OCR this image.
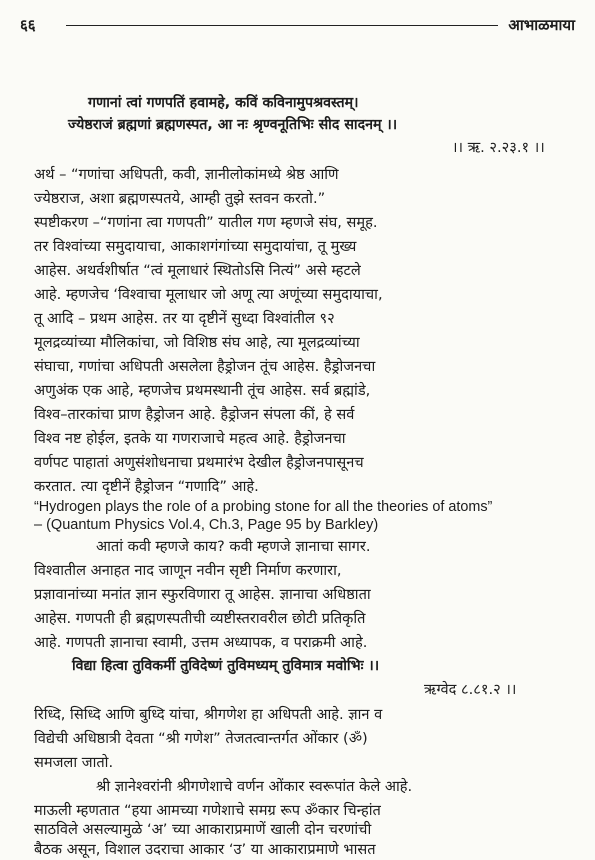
६६	आभाळमाया
गणानां त्वां गणपतिं हवामहे, कविं कविनामुपश्रवस्तम्।
ज्येष्ठराजं ब्रह्मणां ब्रह्मणस्पत, आ नः श्रृण्वनूतिभिः सीद सादनम् ।।
।। ऋ. २.२३.१ ।।
अर्थ – “गणांचा अधिपती, कवी, ज्ञानीलोकांमध्ये श्रेष्ठ आणि
ज्येष्ठराज, अशा ब्रह्मणस्पतये, आम्ही तुझे स्तवन करतो.”
स्पष्टीकरण –“गणांना त्वा गणपती” यातील गण म्हणजे संघ, समूह.
तर विश्वांच्या समुदायाचा, आकाशगंगांच्या समुदायांचा, तू मुख्य
आहेस. अथर्वशीर्षात “त्वं मूलाधारं स्थितोऽसि नित्यं” असे म्हटले
आहे. म्हणजेच ‘विश्वाचा मूलाधार जो अणू त्या अणूंच्या समुदायाचा,
तू आदि – प्रथम आहेस. तर या दृष्टीनें सुध्दा विश्वांतील ९२
मूलद्रव्यांच्या मौलिकांचा, जो विशिष्ठ संघ आहे, त्या मूलद्रव्यांच्या
संघाचा, गणांचा अधिपती असलेला हैड्रोजन तूंच आहेस. हैड्रोजनचा
अणुअंक एक आहे, म्हणजेच प्रथमस्थानी तूंच आहेस. सर्व ब्रह्मांडे,
विश्व–तारकांचा प्राण हैड्रोजन आहे. हैड्रोजन संपला कीं, हे सर्व
विश्व नष्ट होईल, इतके या गणराजाचे महत्व आहे. हैड्रोजनचा
वर्णपट पाहातां अणुसंशोधनाचा प्रथमारंभ देखील हैड्रोजनपासूनच
करतात. त्या दृष्टीनें हैड्रोजन “गणादि” आहे.
“Hydrogen plays the role of a probing stone for all the theories of atoms”
– (Quantum Physics Vol.4, Ch.3, Page 95 by Barkley)
आतां कवी म्हणजे काय? कवी म्हणजे ज्ञानाचा सागर.
विश्वातील अनाहत नाद जाणून नवीन सृष्टी निर्माण करणारा,
प्रज्ञावानांच्या मनांत ज्ञान स्फुरविणारा तू आहेस. ज्ञानाचा अधिष्ठाता
आहेस. गणपती ही ब्रह्मणस्पतीची व्यष्टीस्तरावरील छोटी प्रतिकृति
आहे. गणपती ज्ञानाचा स्वामी, उत्तम अध्यापक, व पराक्रमी आहे.
विद्या हित्वा तुविकर्मी तुविदेष्णं तुविमध्यम् तुविमात्र मवोभिः ।।
ऋग्वेद ८.८१.२ ।।
रिध्दि, सिध्दि आणि बुध्दि यांचा, श्रीगणेश हा अधिपती आहे. ज्ञान व
विद्येची अधिष्ठात्री देवता “श्री गणेश” तेजतत्वान्तर्गत ओंकार (ॐ)
समजला जातो.
श्री ज्ञानेश्वरांनी श्रीगणेशाचे वर्णन ओंकार स्वरूपांत केले आहे.
माऊली म्हणतात “हया आमच्या गणेशाचे समग्र रूप ॐकार चिन्हांत
साठविले असल्यामुळे ‘अ’ च्या आकाराप्रमाणें खाली दोन चरणांची
बैठक असून, विशाल उदराचा आकार ‘उ’ या आकाराप्रमाणे भासत
